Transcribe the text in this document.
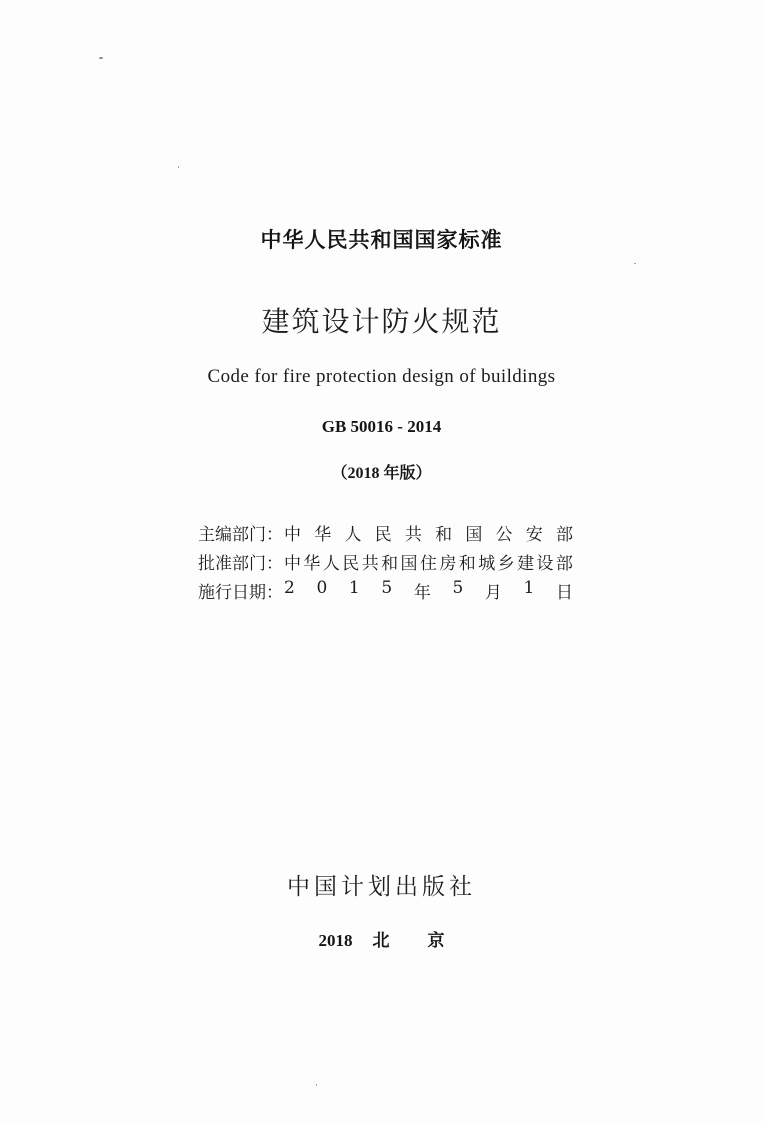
中华人民共和国国家标准
建筑设计防火规范
Code for fire protection design of buildings
GB 50016 - 2014
（2018 年版）
主编部门： 中 华 人 民 共 和 国 公 安 部
批准部门： 中 华 人 民 共 和 国 住 房 和 城 乡 建 设 部
施行日期： 2 0 1 5 年 5 月 1 日
中国计划出版社
2018 北 京
